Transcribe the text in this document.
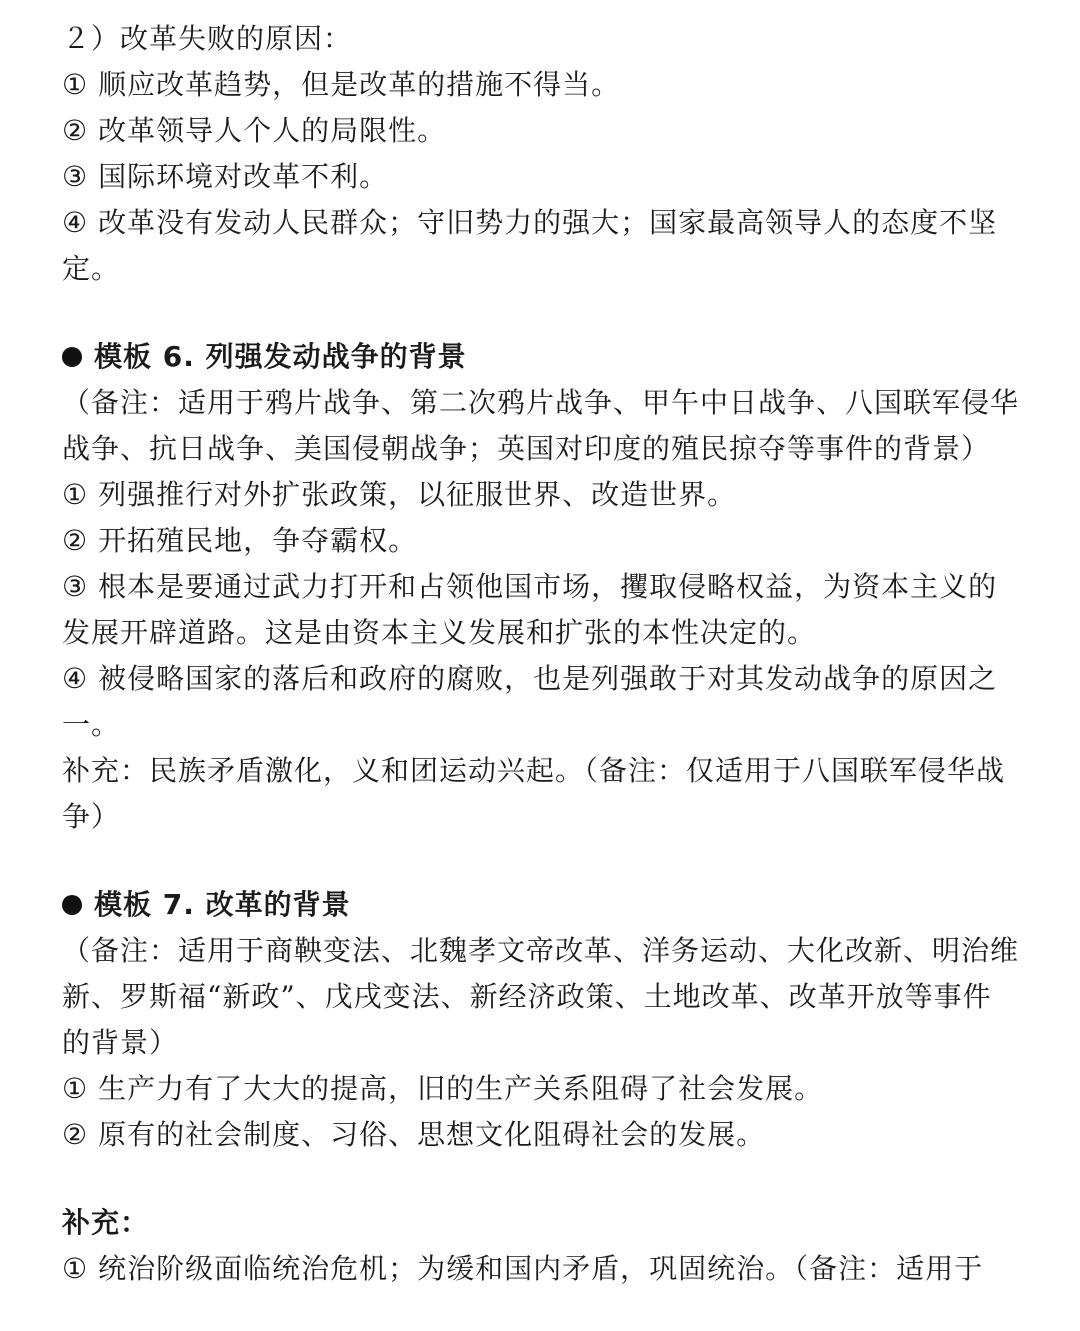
２）改革失败的原因：
① 顺应改革趋势，但是改革的措施不得当。
② 改革领导人个人的局限性。
③ 国际环境对改革不利。
④ 改革没有发动人民群众；守旧势力的强大；国家最高领导人的态度不坚
定。
模板 6. 列强发动战争的背景
（备注：适用于鸦片战争、第二次鸦片战争、甲午中日战争、八国联军侵华
战争、抗日战争、美国侵朝战争；英国对印度的殖民掠夺等事件的背景）
① 列强推行对外扩张政策，以征服世界、改造世界。
② 开拓殖民地，争夺霸权。
③ 根本是要通过武力打开和占领他国市场，攫取侵略权益，为资本主义的
发展开辟道路。这是由资本主义发展和扩张的本性决定的。
④ 被侵略国家的落后和政府的腐败，也是列强敢于对其发动战争的原因之
一。
补充：民族矛盾激化，义和团运动兴起。（备注：仅适用于八国联军侵华战
争）
模板 7. 改革的背景
（备注：适用于商鞅变法、北魏孝文帝改革、洋务运动、大化改新、明治维
新、罗斯福“新政”、戊戌变法、新经济政策、土地改革、改革开放等事件
的背景）
① 生产力有了大大的提高，旧的生产关系阻碍了社会发展。
② 原有的社会制度、习俗、思想文化阻碍社会的发展。
补充：
① 统治阶级面临统治危机；为缓和国内矛盾，巩固统治。（备注：适用于
